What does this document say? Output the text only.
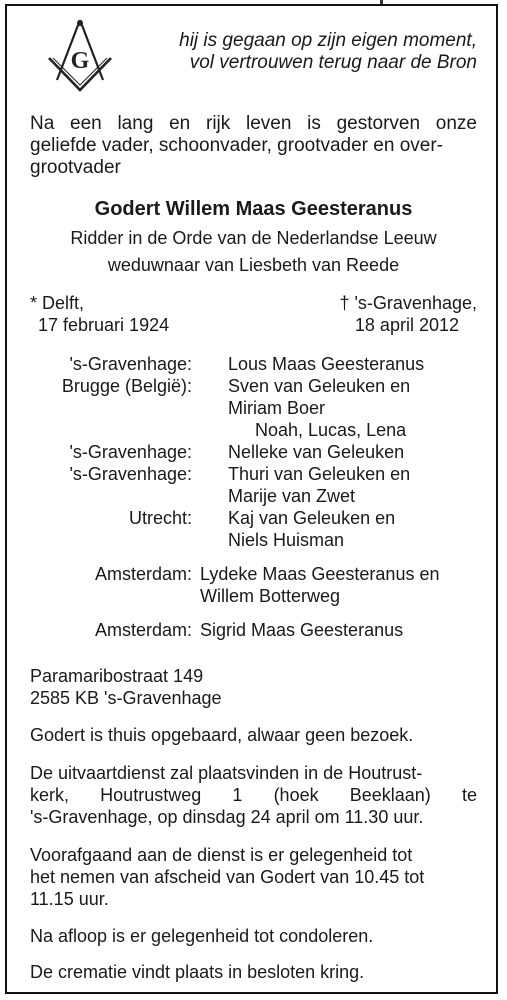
G
hij is gegaan op zijn eigen moment,
vol vertrouwen terug naar de Bron
Na een lang en rijk leven is gestorven onze
geliefde vader, schoonvader, grootvader en over-
grootvader
Godert Willem Maas Geesteranus
Ridder in de Orde van de Nederlandse Leeuw
weduwnaar van Liesbeth van Reede
* Delft,
17 februari 1924
† 's-Gravenhage,
18 april 2012
's-Gravenhage: Lous Maas Geesteranus
Brugge (België): Sven van Geleuken en
Miriam Boer
Noah, Lucas, Lena
's-Gravenhage: Nelleke van Geleuken
's-Gravenhage: Thuri van Geleuken en
Marije van Zwet
Utrecht: Kaj van Geleuken en
Niels Huisman
Amsterdam: Lydeke Maas Geesteranus en
Willem Botterweg
Amsterdam: Sigrid Maas Geesteranus
Paramaribostraat 149
2585 KB 's-Gravenhage
Godert is thuis opgebaard, alwaar geen bezoek.
De uitvaartdienst zal plaatsvinden in de Houtrust-
kerk, Houtrustweg 1 (hoek Beeklaan) te
's-Gravenhage, op dinsdag 24 april om 11.30 uur.
Voorafgaand aan de dienst is er gelegenheid tot
het nemen van afscheid van Godert van 10.45 tot
11.15 uur.
Na afloop is er gelegenheid tot condoleren.
De crematie vindt plaats in besloten kring.
